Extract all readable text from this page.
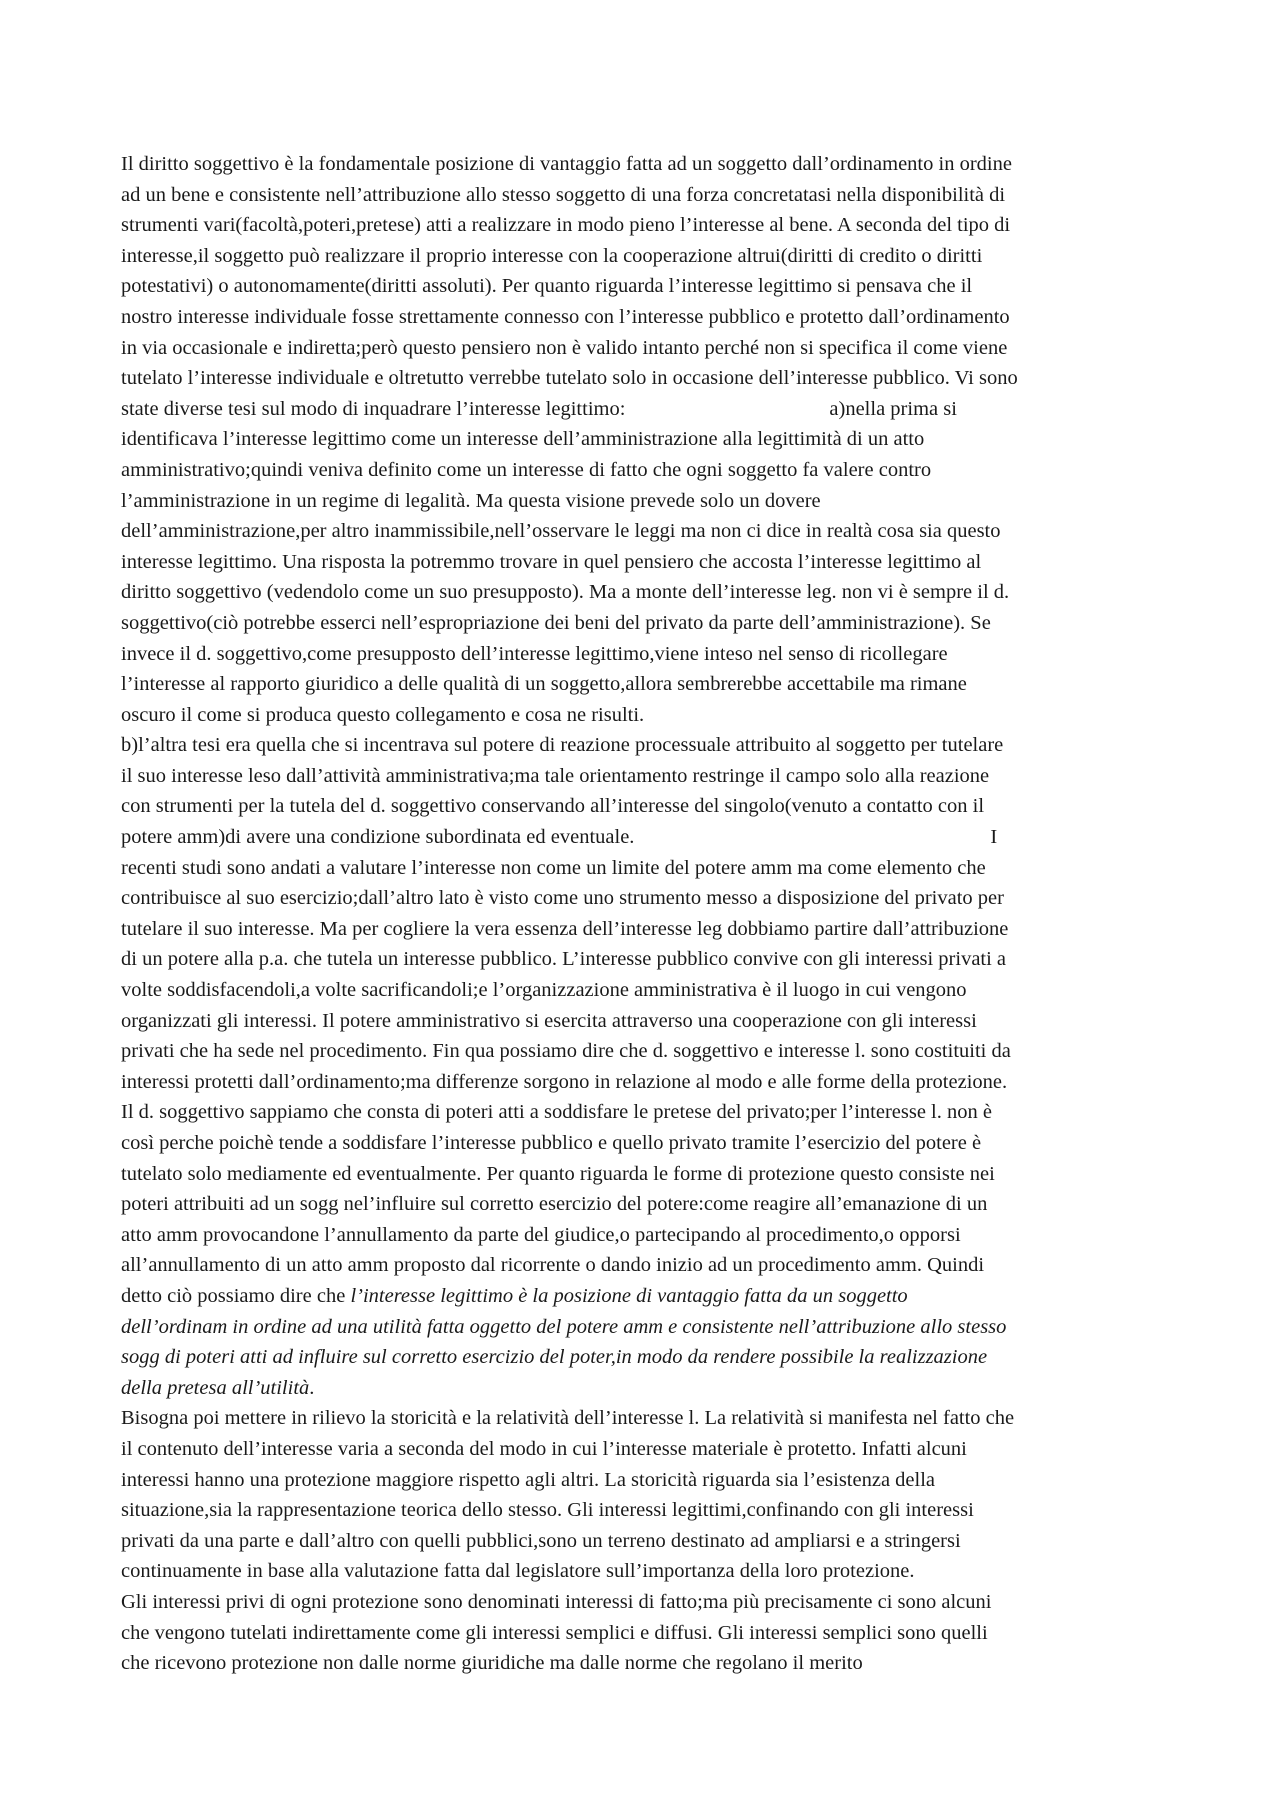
Il diritto soggettivo è la fondamentale posizione di vantaggio fatta ad un soggetto dall’ordinamento in ordine
ad un bene e consistente nell’attribuzione allo stesso soggetto di una forza concretatasi nella disponibilità di
strumenti vari(facoltà,poteri,pretese) atti a realizzare in modo pieno l’interesse al bene. A seconda del tipo di
interesse,il soggetto può realizzare il proprio interesse con la cooperazione altrui(diritti di credito o diritti
potestativi) o autonomamente(diritti assoluti). Per quanto riguarda l’interesse legittimo si pensava che il
nostro interesse individuale fosse strettamente connesso con l’interesse pubblico e protetto dall’ordinamento
in via occasionale e indiretta;però questo pensiero non è valido intanto perché non si specifica il come viene
tutelato l’interesse individuale e oltretutto verrebbe tutelato solo in occasione dell’interesse pubblico. Vi sono
state diverse tesi sul modo di inquadrare l’interesse legittimo:	a)nella prima si
identificava l’interesse legittimo come un interesse dell’amministrazione alla legittimità di un atto
amministrativo;quindi veniva definito come un interesse di fatto che ogni soggetto fa valere contro
l’amministrazione in un regime di legalità. Ma questa visione prevede solo un dovere
dell’amministrazione,per altro inammissibile,nell’osservare le leggi ma non ci dice in realtà cosa sia questo
interesse legittimo. Una risposta la potremmo trovare in quel pensiero che accosta l’interesse legittimo al
diritto soggettivo (vedendolo come un suo presupposto). Ma a monte dell’interesse leg. non vi è sempre il d.
soggettivo(ciò potrebbe esserci nell’espropriazione dei beni del privato da parte dell’amministrazione). Se
invece il d. soggettivo,come presupposto dell’interesse legittimo,viene inteso nel senso di ricollegare
l’interesse al rapporto giuridico a delle qualità di un soggetto,allora sembrerebbe accettabile ma rimane
oscuro il come si produca questo collegamento e cosa ne risulti.
b)l’altra tesi era quella che si incentrava sul potere di reazione processuale attribuito al soggetto per tutelare
il suo interesse leso dall’attività amministrativa;ma tale orientamento restringe il campo solo alla reazione
con strumenti per la tutela del d. soggettivo conservando all’interesse del singolo(venuto a contatto con il
potere amm)di avere una condizione subordinata ed eventuale.	I
recenti studi sono andati a valutare l’interesse non come un limite del potere amm ma come elemento che
contribuisce al suo esercizio;dall’altro lato è visto come uno strumento messo a disposizione del privato per
tutelare il suo interesse. Ma per cogliere la vera essenza dell’interesse leg dobbiamo partire dall’attribuzione
di un potere alla p.a. che tutela un interesse pubblico. L’interesse pubblico convive con gli interessi privati a
volte soddisfacendoli,a volte sacrificandoli;e l’organizzazione amministrativa è il luogo in cui vengono
organizzati gli interessi. Il potere amministrativo si esercita attraverso una cooperazione con gli interessi
privati che ha sede nel procedimento. Fin qua possiamo dire che d. soggettivo e interesse l. sono costituiti da
interessi protetti dall’ordinamento;ma differenze sorgono in relazione al modo e alle forme della protezione.
Il d. soggettivo sappiamo che consta di poteri atti a soddisfare le pretese del privato;per l’interesse l. non è
così perche poichè tende a soddisfare l’interesse pubblico e quello privato tramite l’esercizio del potere è
tutelato solo mediamente ed eventualmente. Per quanto riguarda le forme di protezione questo consiste nei
poteri attribuiti ad un sogg nel’influire sul corretto esercizio del potere:come reagire all’emanazione di un
atto amm provocandone l’annullamento da parte del giudice,o partecipando al procedimento,o opporsi
all’annullamento di un atto amm proposto dal ricorrente o dando inizio ad un procedimento amm. Quindi
detto ciò possiamo dire che l’interesse legittimo è la posizione di vantaggio fatta da un soggetto
dell’ordinam in ordine ad una utilità fatta oggetto del potere amm e consistente nell’attribuzione allo stesso
sogg di poteri atti ad influire sul corretto esercizio del poter,in modo da rendere possibile la realizzazione
della pretesa all’utilità.
Bisogna poi mettere in rilievo la storicità e la relatività dell’interesse l. La relatività si manifesta nel fatto che
il contenuto dell’interesse varia a seconda del modo in cui l’interesse materiale è protetto. Infatti alcuni
interessi hanno una protezione maggiore rispetto agli altri. La storicità riguarda sia l’esistenza della
situazione,sia la rappresentazione teorica dello stesso. Gli interessi legittimi,confinando con gli interessi
privati da una parte e dall’altro con quelli pubblici,sono un terreno destinato ad ampliarsi e a stringersi
continuamente in base alla valutazione fatta dal legislatore sull’importanza della loro protezione.
Gli interessi privi di ogni protezione sono denominati interessi di fatto;ma più precisamente ci sono alcuni
che vengono tutelati indirettamente come gli interessi semplici e diffusi. Gli interessi semplici sono quelli
che ricevono protezione non dalle norme giuridiche ma dalle norme che regolano il merito
